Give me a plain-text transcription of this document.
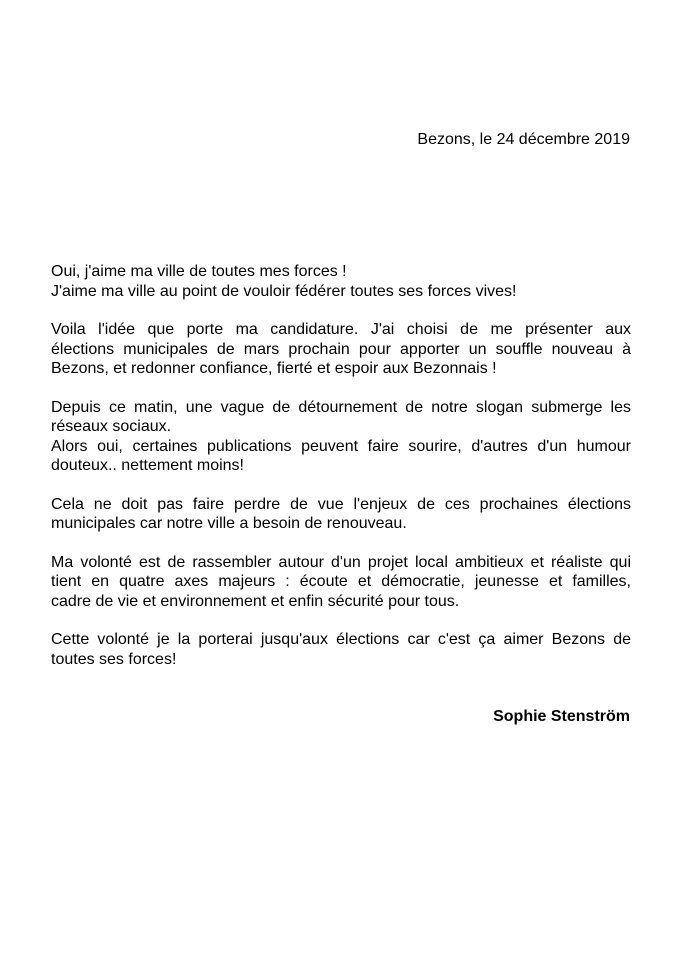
Bezons, le 24 décembre 2019

Oui, j'aime ma ville de toutes mes forces !
J'aime ma ville au point de vouloir fédérer toutes ses forces vives!

Voila l'idée que porte ma candidature. J'ai choisi de me présenter aux
élections municipales de mars prochain pour apporter un souffle nouveau à
Bezons, et redonner confiance, fierté et espoir aux Bezonnais !

Depuis ce matin, une vague de détournement de notre slogan submerge les
réseaux sociaux.
Alors oui, certaines publications peuvent faire sourire, d'autres d'un humour
douteux.. nettement moins!

Cela ne doit pas faire perdre de vue l'enjeux de ces prochaines élections
municipales car notre ville a besoin de renouveau.

Ma volonté est de rassembler autour d'un projet local ambitieux et réaliste qui
tient en quatre axes majeurs : écoute et démocratie, jeunesse et familles,
cadre de vie et environnement et enfin sécurité pour tous.

Cette volonté je la porterai jusqu'aux élections car c'est ça aimer Bezons de
toutes ses forces!

Sophie Stenström
